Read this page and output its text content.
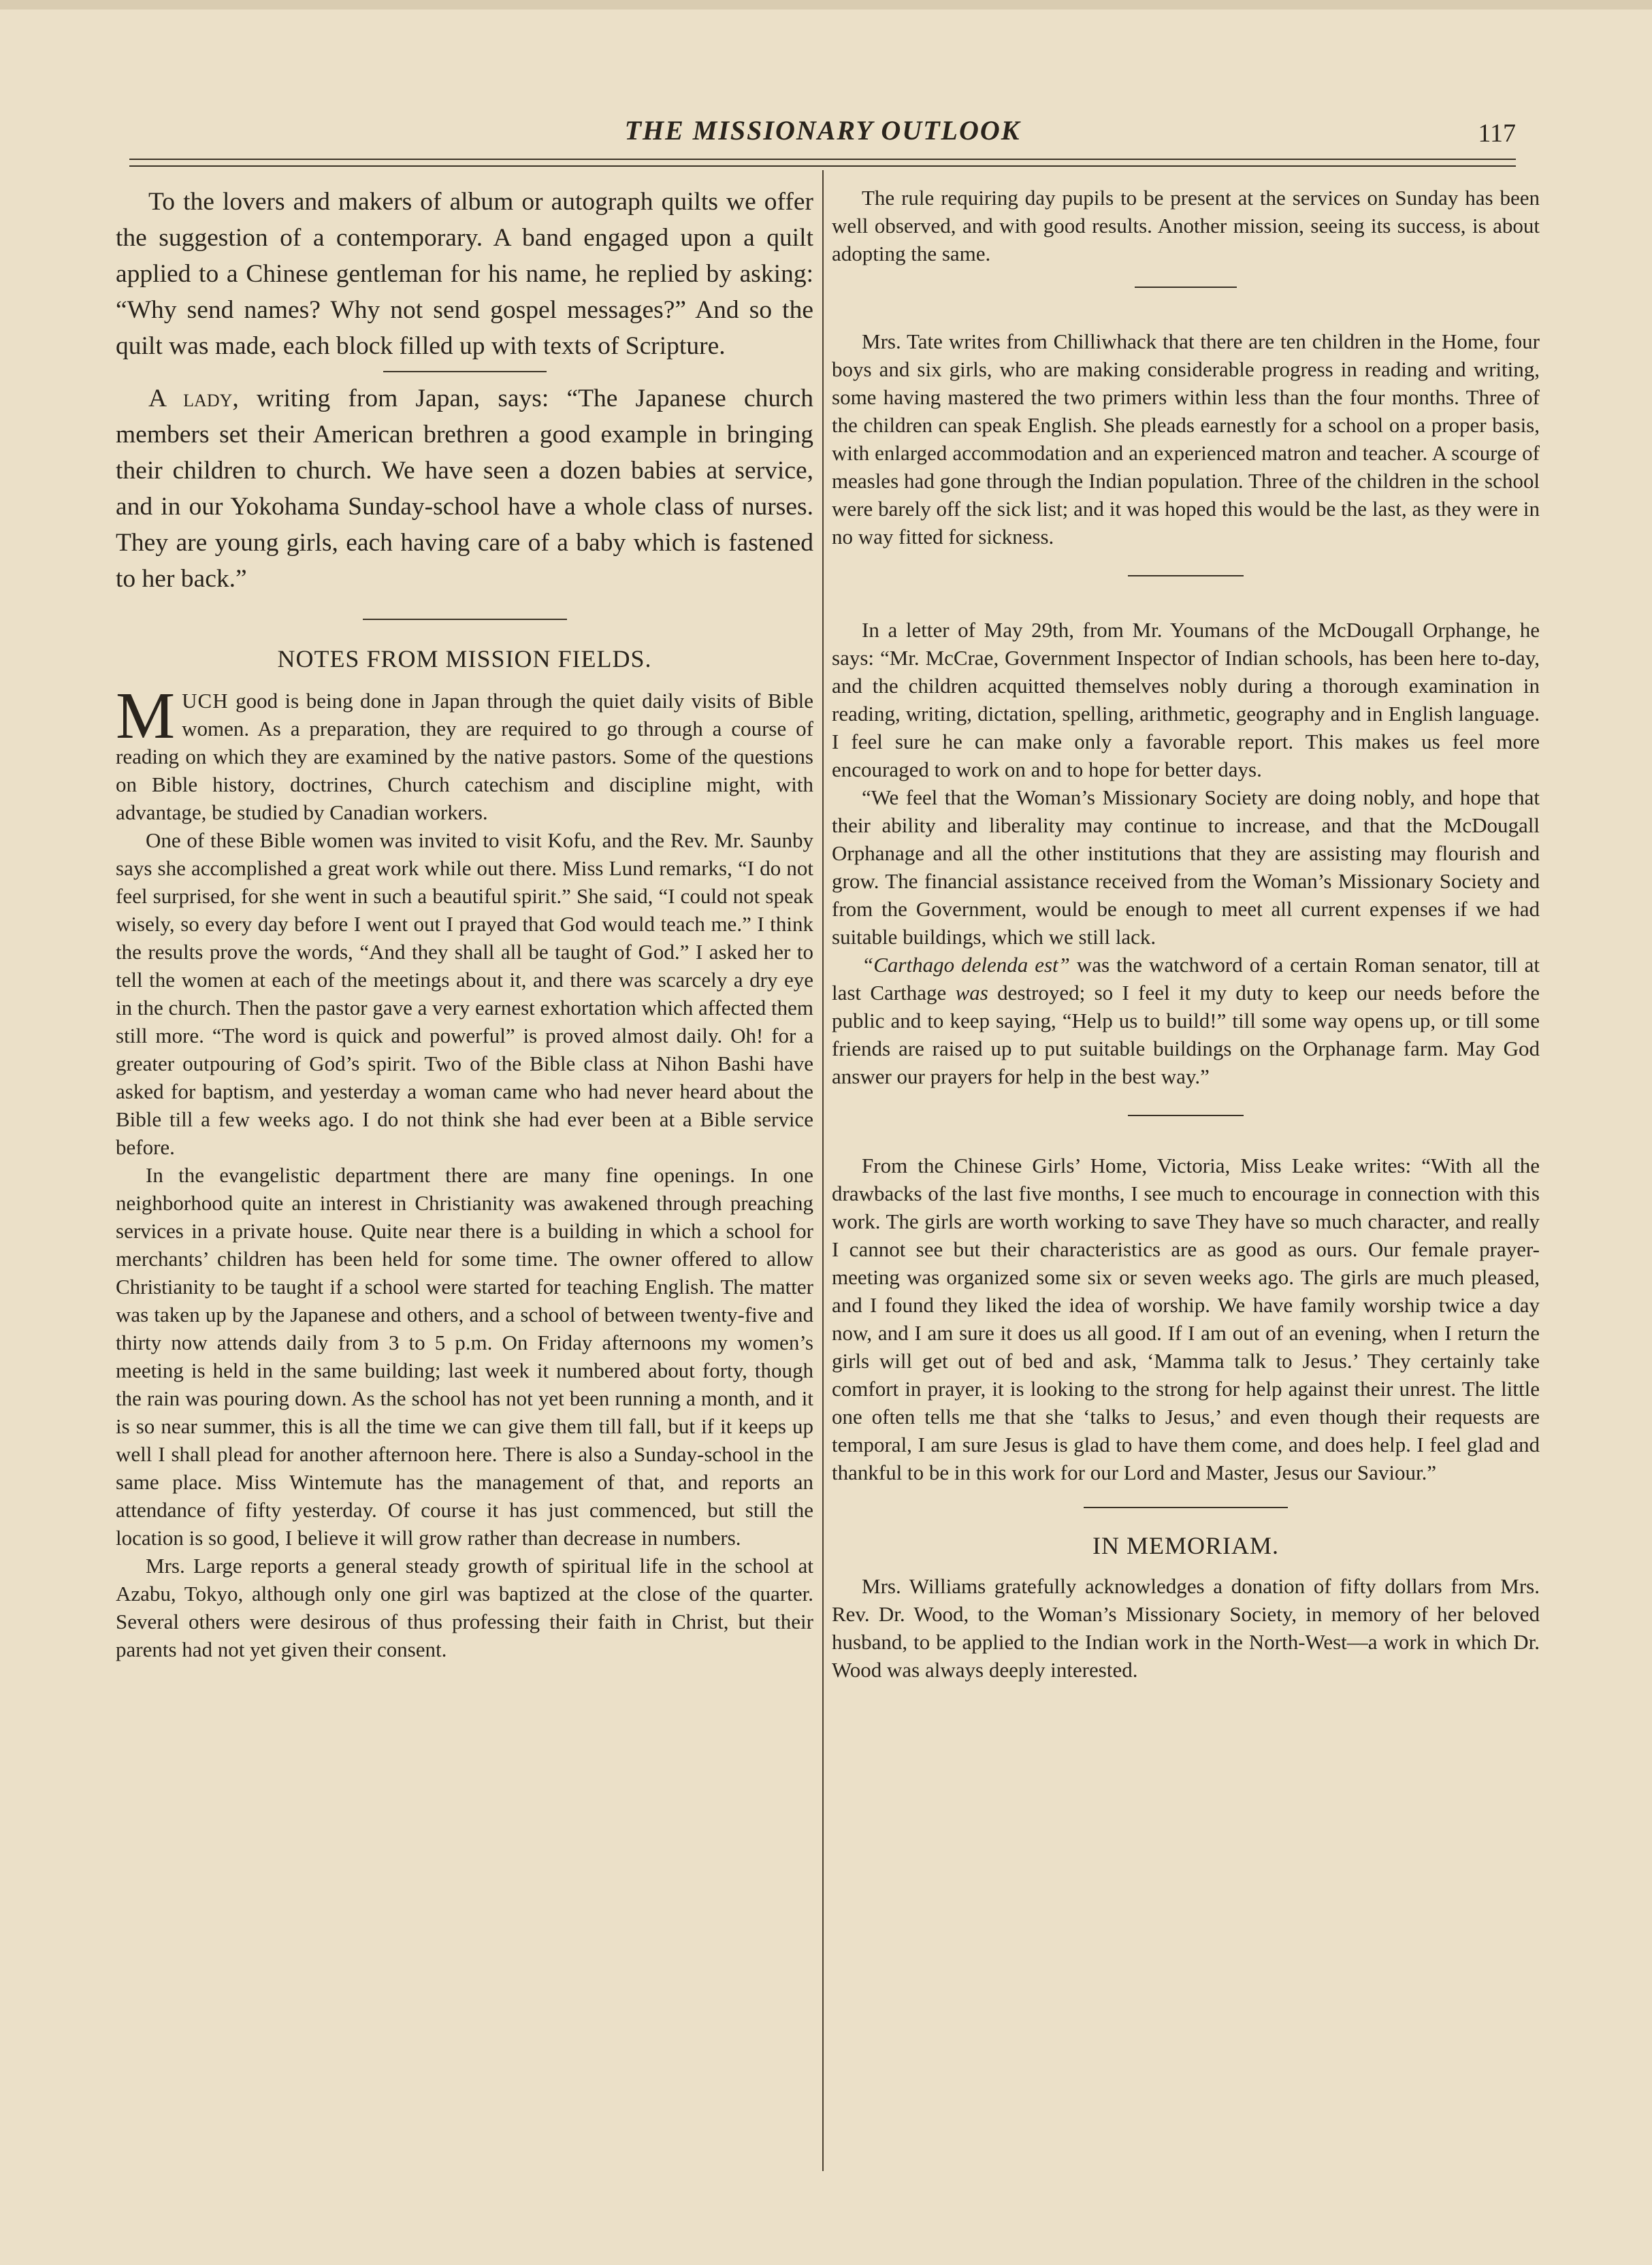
THE MISSIONARY OUTLOOK	117

To the lovers and makers of album or autograph quilts we offer the suggestion of a contemporary. A band engaged upon a quilt applied to a Chinese gentleman for his name, he replied by asking: “Why send names? Why not send gospel messages?” And so the quilt was made, each block filled up with texts of Scripture.

A lady, writing from Japan, says: “The Japanese church members set their American brethren a good example in bringing their children to church. We have seen a dozen babies at service, and in our Yokohama Sunday-school have a whole class of nurses. They are young girls, each having care of a baby which is fastened to her back.”

NOTES FROM MISSION FIELDS.

MUCH good is being done in Japan through the quiet daily visits of Bible women. As a preparation, they are required to go through a course of reading on which they are examined by the native pastors. Some of the questions on Bible history, doctrines, Church catechism and discipline might, with advantage, be studied by Canadian workers.

One of these Bible women was invited to visit Kofu, and the Rev. Mr. Saunby says she accomplished a great work while out there. Miss Lund remarks, “I do not feel surprised, for she went in such a beautiful spirit.” She said, “I could not speak wisely, so every day before I went out I prayed that God would teach me.” I think the results prove the words, “And they shall all be taught of God.” I asked her to tell the women at each of the meetings about it, and there was scarcely a dry eye in the church. Then the pastor gave a very earnest exhortation which affected them still more. “The word is quick and powerful” is proved almost daily. Oh! for a greater outpouring of God’s spirit. Two of the Bible class at Nihon Bashi have asked for baptism, and yesterday a woman came who had never heard about the Bible till a few weeks ago. I do not think she had ever been at a Bible service before.

In the evangelistic department there are many fine openings. In one neighborhood quite an interest in Christianity was awakened through preaching services in a private house. Quite near there is a building in which a school for merchants’ children has been held for some time. The owner offered to allow Christianity to be taught if a school were started for teaching English. The matter was taken up by the Japanese and others, and a school of between twenty-five and thirty now attends daily from 3 to 5 p.m. On Friday afternoons my women’s meeting is held in the same building; last week it numbered about forty, though the rain was pouring down. As the school has not yet been running a month, and it is so near summer, this is all the time we can give them till fall, but if it keeps up well I shall plead for another afternoon here. There is also a Sunday-school in the same place. Miss Wintemute has the management of that, and reports an attendance of fifty yesterday. Of course it has just commenced, but still the location is so good, I believe it will grow rather than decrease in numbers.

Mrs. Large reports a general steady growth of spiritual life in the school at Azabu, Tokyo, although only one girl was baptized at the close of the quarter. Several others were desirous of thus professing their faith in Christ, but their parents had not yet given their consent.

The rule requiring day pupils to be present at the services on Sunday has been well observed, and with good results. Another mission, seeing its success, is about adopting the same.

Mrs. Tate writes from Chilliwhack that there are ten children in the Home, four boys and six girls, who are making considerable progress in reading and writing, some having mastered the two primers within less than the four months. Three of the children can speak English. She pleads earnestly for a school on a proper basis, with enlarged accommodation and an experienced matron and teacher. A scourge of measles had gone through the Indian population. Three of the children in the school were barely off the sick list; and it was hoped this would be the last, as they were in no way fitted for sickness.

In a letter of May 29th, from Mr. Youmans of the McDougall Orphange, he says: “Mr. McCrae, Government Inspector of Indian schools, has been here to-day, and the children acquitted themselves nobly during a thorough examination in reading, writing, dictation, spelling, arithmetic, geography and in English language. I feel sure he can make only a favorable report. This makes us feel more encouraged to work on and to hope for better days.

“We feel that the Woman’s Missionary Society are doing nobly, and hope that their ability and liberality may continue to increase, and that the McDougall Orphanage and all the other institutions that they are assisting may flourish and grow. The financial assistance received from the Woman’s Missionary Society and from the Government, would be enough to meet all current expenses if we had suitable buildings, which we still lack.

“Carthago delenda est” was the watchword of a certain Roman senator, till at last Carthage was destroyed; so I feel it my duty to keep our needs before the public and to keep saying, “Help us to build!” till some way opens up, or till some friends are raised up to put suitable buildings on the Orphanage farm. May God answer our prayers for help in the best way.”

From the Chinese Girls’ Home, Victoria, Miss Leake writes: “With all the drawbacks of the last five months, I see much to encourage in connection with this work. The girls are worth working to save They have so much character, and really I cannot see but their characteristics are as good as ours. Our female prayer-meeting was organized some six or seven weeks ago. The girls are much pleased, and I found they liked the idea of worship. We have family worship twice a day now, and I am sure it does us all good. If I am out of an evening, when I return the girls will get out of bed and ask, ‘Mamma talk to Jesus.’ They certainly take comfort in prayer, it is looking to the strong for help against their unrest. The little one often tells me that she ‘talks to Jesus,’ and even though their requests are temporal, I am sure Jesus is glad to have them come, and does help. I feel glad and thankful to be in this work for our Lord and Master, Jesus our Saviour.”

IN MEMORIAM.

Mrs. Williams gratefully acknowledges a donation of fifty dollars from Mrs. Rev. Dr. Wood, to the Woman’s Missionary Society, in memory of her beloved husband, to be applied to the Indian work in the North-West—a work in which Dr. Wood was always deeply interested.
